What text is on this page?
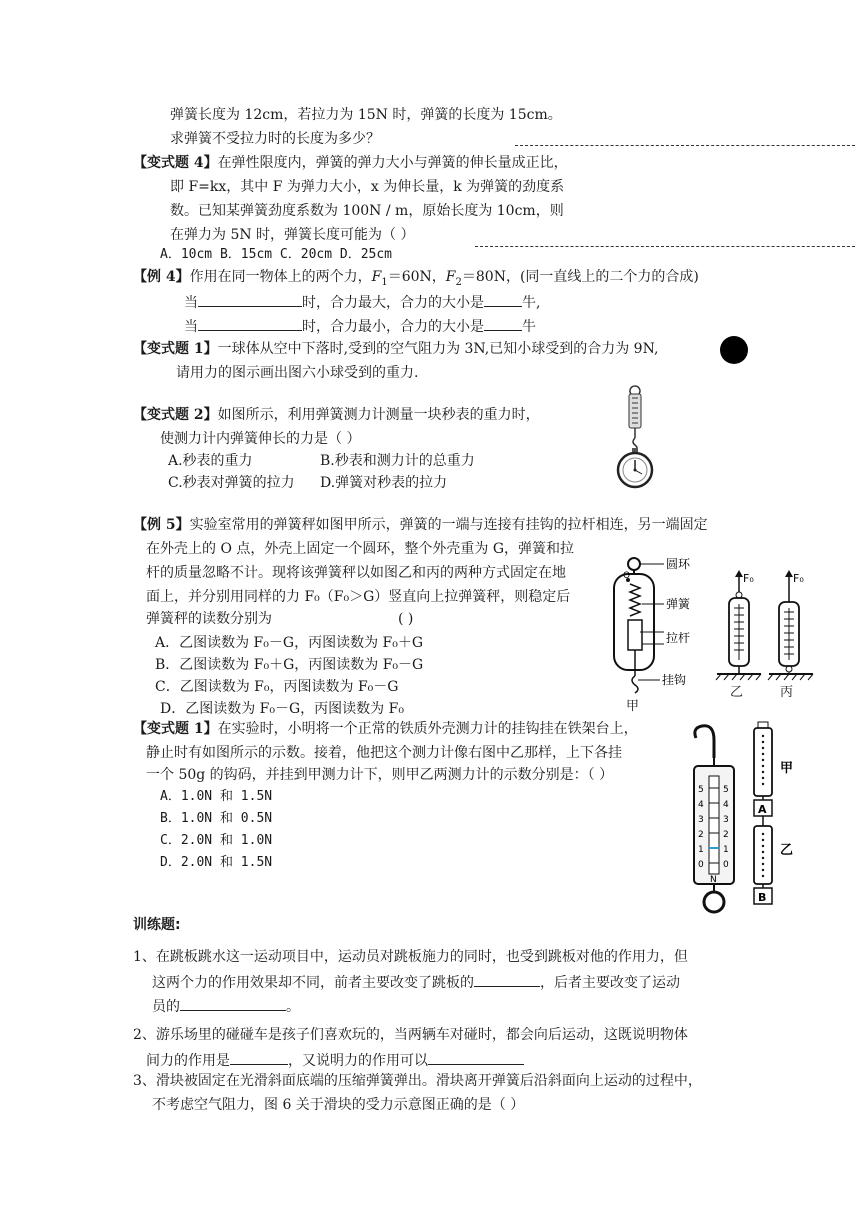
弹簧长度为 12cm，若拉力为 15N 时，弹簧的长度为 15cm。
求弹簧不受拉力时的长度为多少？
【变式题 4】在弹性限度内，弹簧的弹力大小与弹簧的伸长量成正比，
即 F=kx，其中 F 为弹力大小，x 为伸长量，k 为弹簧的劲度系
数。已知某弹簧劲度系数为 100N / m，原始长度为 10cm，则
在弹力为 5N 时，弹簧长度可能为（ ）
A．10cm B．15cm C．20cm D．25cm
【例 4】作用在同一物体上的两个力，$F_1=60N$，$F_2=80N$，(同一直线上的二个力的合成)
当	时，合力最大，合力的大小是	牛,
当	时，合力最小，合力的大小是	牛
【变式题 1】一球体从空中下落时,受到的空气阻力为 3N,已知小球受到的合力为 9N,
请用力的图示画出图六小球受到的重力.
【变式题 2】如图所示，利用弹簧测力计测量一块秒表的重力时，
使测力计内弹簧伸长的力是（ ）
A.秒表的重力	B.秒表和测力计的总重力
C.秒表对弹簧的拉力 D.弹簧对秒表的拉力
【例 5】实验室常用的弹簧秤如图甲所示，弹簧的一端与连接有挂钩的拉杆相连，另一端固定
在外壳上的 O 点，外壳上固定一个圆环，整个外壳重为 G，弹簧和拉
杆的质量忽略不计。现将该弹簧秤以如图乙和丙的两种方式固定在地
面上，并分别用同样的力 F₀（F₀＞G）竖直向上拉弹簧秤，则稳定后
弹簧秤的读数分别为	( )
A．乙图读数为 F₀－G，丙图读数为 F₀＋G
B．乙图读数为 F₀＋G，丙图读数为 F₀－G
C．乙图读数为 F₀，丙图读数为 F₀－G
D．乙图读数为 F₀－G，丙图读数为 F₀
O
圆环
弹簧
拉杆
挂钩
甲
F₀	F₀
乙	丙
【变式题 1】在实验时，小明将一个正常的铁质外壳测力计的挂钩挂在铁架台上，
静止时有如图所示的示数。接着，他把这个测力计像右图中乙那样，上下各挂
一个 50g 的钩码，并挂到甲测力计下，则甲乙两测力计的示数分别是：（ ）
A．1.0N 和 1.5N
B．1.0N 和 0.5N
C．2.0N 和 1.0N
D．2.0N 和 1.5N
5
4
3
2
1
0
5
4
3
2
1
0
N
A
B
甲
乙
训练题:
1、在跳板跳水这一运动项目中，运动员对跳板施力的同时，也受到跳板对他的作用力，但
这两个力的作用效果却不同，前者主要改变了跳板的	，后者主要改变了运动
员的	。
2、游乐场里的碰碰车是孩子们喜欢玩的，当两辆车对碰时，都会向后运动，这既说明物体
间力的作用是	，又说明力的作用可以
3、滑块被固定在光滑斜面底端的压缩弹簧弹出。滑块离开弹簧后沿斜面向上运动的过程中，
不考虑空气阻力，图 6 关于滑块的受力示意图正确的是（ ）
